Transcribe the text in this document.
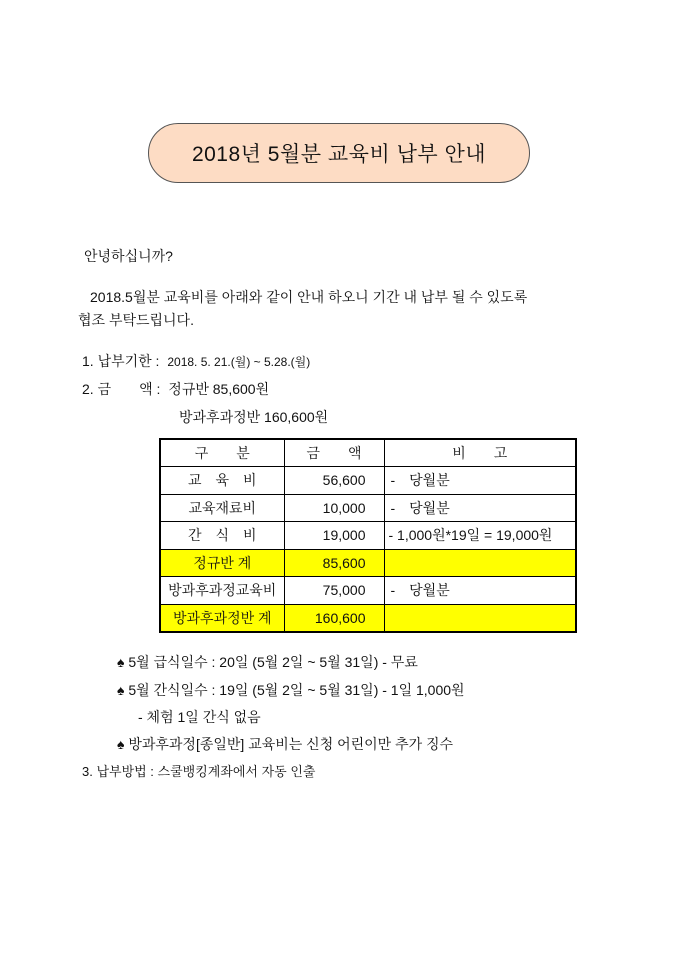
2018년 5월분 교육비 납부 안내
안녕하십니까?
2018.5월분 교육비를 아래와 같이 안내 하오니 기간 내 납부 될 수 있도록
협조 부탁드립니다.
1. 납부기한 : 2018. 5. 21.(월) ~ 5.28.(월)
2. 금　　액 : 정규반 85,600원
방과후과정반 160,600원
구　　분	금　　액	비　　고
교　육　비	56,600	-　당월분
교육재료비	10,000	-　당월분
간　식　비	19,000	- 1,000원*19일 = 19,000원
정규반 계	85,600	
방과후과정교육비	75,000	-　당월분
방과후과정반 계	160,600	
♠ 5월 급식일수 : 20일 (5월 2일 ~ 5월 31일) - 무료
♠ 5월 간식일수 : 19일 (5월 2일 ~ 5월 31일) - 1일 1,000원
- 체험 1일 간식 없음
♠ 방과후과정[종일반] 교육비는 신청 어린이만 추가 징수
3. 납부방법 : 스쿨뱅킹계좌에서 자동 인출
